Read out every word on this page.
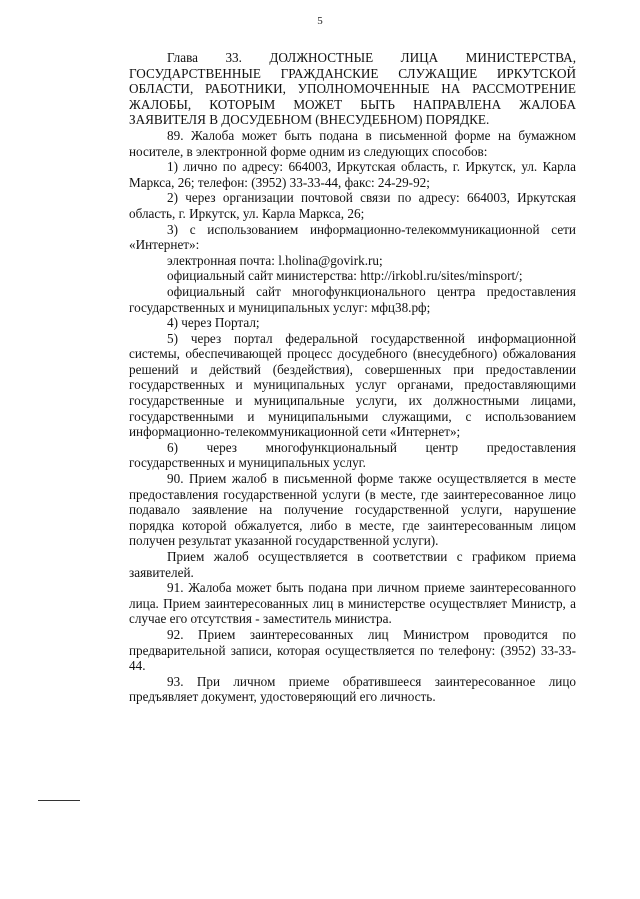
5
Глава 33. ДОЛЖНОСТНЫЕ ЛИЦА МИНИСТЕРСТВА,
ГОСУДАРСТВЕННЫЕ ГРАЖДАНСКИЕ СЛУЖАЩИЕ ИРКУТСКОЙ
ОБЛАСТИ, РАБОТНИКИ, УПОЛНОМОЧЕННЫЕ НА РАССМОТРЕНИЕ
ЖАЛОБЫ, КОТОРЫМ МОЖЕТ БЫТЬ НАПРАВЛЕНА ЖАЛОБА
ЗАЯВИТЕЛЯ В ДОСУДЕБНОМ (ВНЕСУДЕБНОМ) ПОРЯДКЕ.
89. Жалоба может быть подана в письменной форме на бумажном
носителе, в электронной форме одним из следующих способов:
1) лично по адресу: 664003, Иркутская область, г. Иркутск, ул. Карла
Маркса, 26; телефон: (3952) 33-33-44, факс: 24-29-92;
2) через организации почтовой связи по адресу: 664003, Иркутская
область, г. Иркутск, ул. Карла Маркса, 26;
3) с использованием информационно-телекоммуникационной сети
«Интернет»:
электронная почта: l.holina@govirk.ru;
официальный сайт министерства: http://irkobl.ru/sites/minsport/;
официальный сайт многофункционального центра предоставления
государственных и муниципальных услуг: мфц38.рф;
4) через Портал;
5) через портал федеральной государственной информационной
системы, обеспечивающей процесс досудебного (внесудебного) обжалования
решений и действий (бездействия), совершенных при предоставлении
государственных и муниципальных услуг органами, предоставляющими
государственные и муниципальные услуги, их должностными лицами,
государственными и муниципальными служащими, с использованием
информационно-телекоммуникационной сети «Интернет»;
6) через многофункциональный центр предоставления
государственных и муниципальных услуг.
90. Прием жалоб в письменной форме также осуществляется в месте
предоставления государственной услуги (в месте, где заинтересованное лицо
подавало заявление на получение государственной услуги, нарушение
порядка которой обжалуется, либо в месте, где заинтересованным лицом
получен результат указанной государственной услуги).
Прием жалоб осуществляется в соответствии с графиком приема
заявителей.
91. Жалоба может быть подана при личном приеме заинтересованного
лица. Прием заинтересованных лиц в министерстве осуществляет Министр, а
случае его отсутствия - заместитель министра.
92. Прием заинтересованных лиц Министром проводится по
предварительной записи, которая осуществляется по телефону: (3952) 33-33-
44.
93. При личном приеме обратившееся заинтересованное лицо
предъявляет документ, удостоверяющий его личность.
